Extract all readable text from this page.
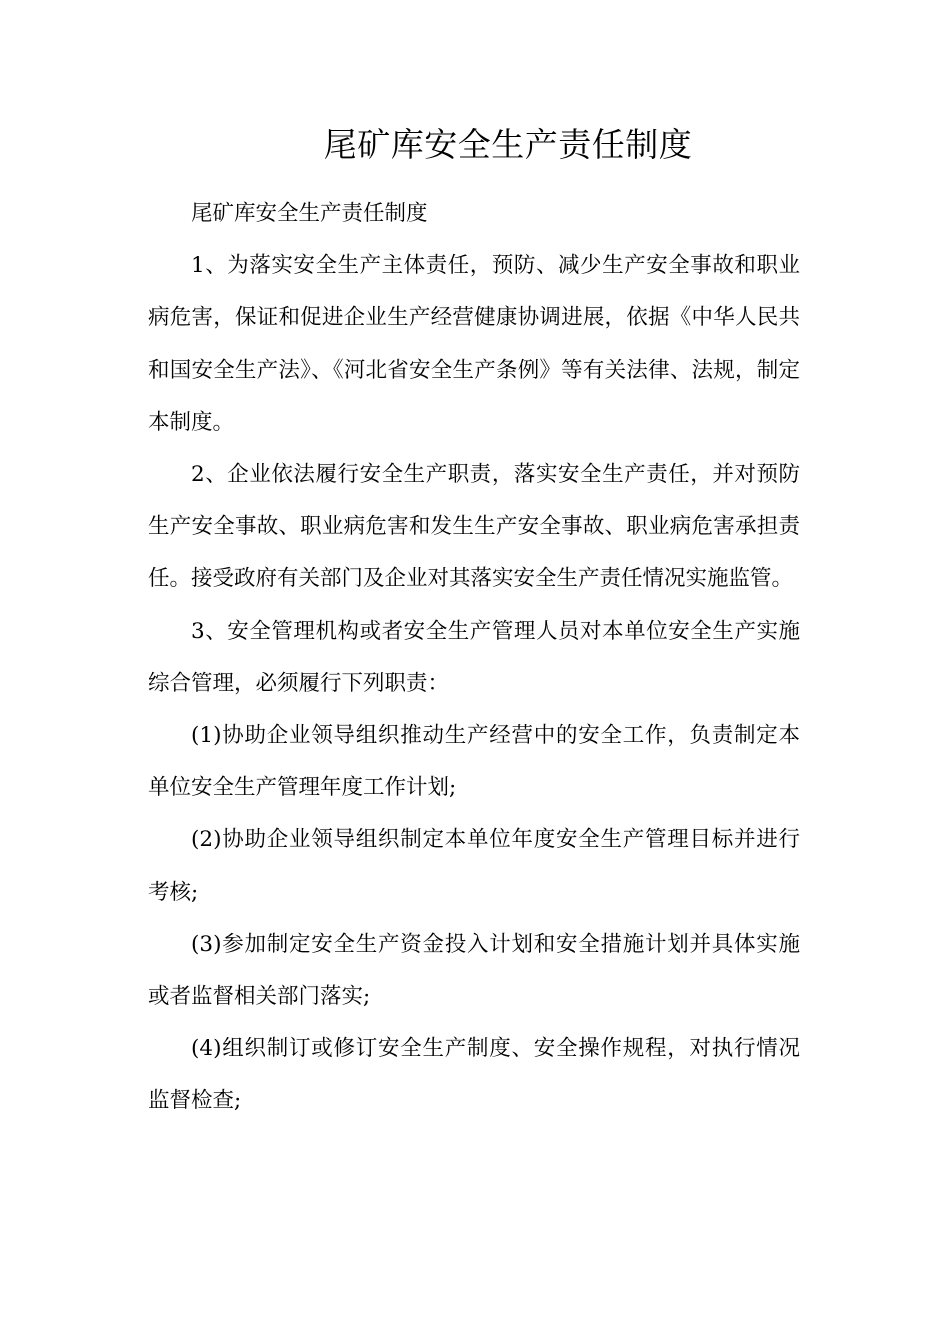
尾矿库安全生产责任制度

尾矿库安全生产责任制度

1、为落实安全生产主体责任，预防、减少生产安全事故和职业病危害，保证和促进企业生产经营健康协调进展，依据《中华人民共和国安全生产法》、《河北省安全生产条例》等有关法律、法规，制定本制度。

2、企业依法履行安全生产职责，落实安全生产责任，并对预防生产安全事故、职业病危害和发生生产安全事故、职业病危害承担责任。接受政府有关部门及企业对其落实安全生产责任情况实施监管。

3、安全管理机构或者安全生产管理人员对本单位安全生产实施综合管理，必须履行下列职责：

(1)协助企业领导组织推动生产经营中的安全工作，负责制定本单位安全生产管理年度工作计划;

(2)协助企业领导组织制定本单位年度安全生产管理目标并进行考核;

(3)参加制定安全生产资金投入计划和安全措施计划并具体实施或者监督相关部门落实;

(4)组织制订或修订安全生产制度、安全操作规程，对执行情况监督检查;
